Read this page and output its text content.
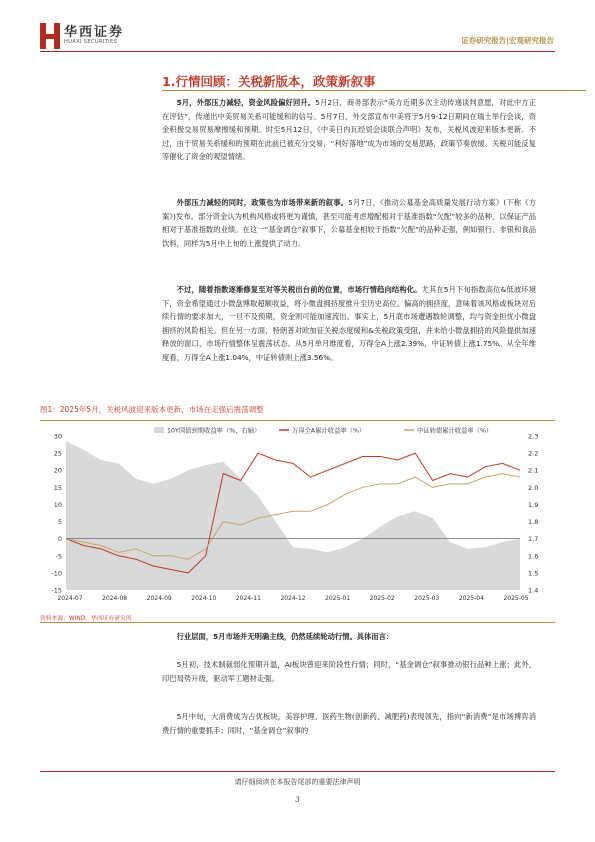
华西证券
HUAXI SECURITIES	证券研究报告|宏观研究报告
1.行情回顾：关税新版本，政策新叙事

5月，外部压力减轻，资金风险偏好回升。5月2日，商务部表示“美方近期多次主动传递谈判意愿，对此中方正在评估”，传递出中美贸易关系可能缓和的信号。5月7日，外交部宣布中美将于5月9-12日期间在瑞士举行会谈，资金积极交易贸易摩擦缓和预期。时至5月12日，《中美日内瓦经贸会谈联合声明》发布，关税风波迎来版本更新。不过，由于贸易关系缓和的预期在此前已被充分交易，“利好落地”成为市场的交易思路，政策节奏放缓、关税可能反复等催化了资金的观望情绪。

外部压力减轻的同时，政策也为市场带来新的叙事。5月7日，《推动公募基金高质量发展行动方案》(下称《方案》)发布。部分资金认为机构风格或将更为谨慎，甚至可能考虑增配相对于基准指数“欠配”较多的品种，以保证产品相对于基准指数的业绩。在这一“基金调仓”叙事下，公募基金相较于指数“欠配”的品种走强，例如银行、非银和食品饮料，同样为5月中上旬的上涨提供了动力。

不过，随着指数逐渐修复至对等关税出台前的位置，市场行情趋向结构化。尤其在5月下旬指数高位&低波环境下，资金希望通过小微盘博取超额收益，将小微盘拥挤度推升至历史高位。偏高的拥挤度，意味着该风格或板块对后续行情的要求加大，一旦不及预期，资金则可能加速流出。事实上，5月底市场遭遇数轮调整，均与资金担忧小微盘拥挤的风险相关。但在另一方面，特朗普对欧加征关税态度缓和&关税政策受阻，并未给小微盘拥挤的风险提供加速释放的窗口，市场行情整体呈震荡状态。从5月单月维度看，万得全A上涨2.39%，中证转债上涨1.75%。从全年维度看，万得全A上涨1.04%，中证转债则上涨3.56%。

图1：2025年5月，关税风波迎来版本更新，市场在走强后震荡调整
30
25
20
15
10
5
0
-5
-10
-15
2.3
2.2
2.1
2.0
1.9
1.8
1.7
1.6
1.5
1.4
2024-07	2024-08	2024-09	2024-10	2024-11	2024-12	2025-01	2025-02	2025-03	2025-04	2025-05
10Y国债到期收益率（%，右轴）	万得全A累计收益率（%）	中证转债累计收益率（%）
资料来源：WIND，华西证券研究所

行业层面，5月市场并无明确主线，仍然延续轮动行情。具体而言：

5月初，技术制裁弱化预期升温，AI板块曾迎来阶段性行情；同时，“基金调仓”叙事推动银行品种上涨；此外，印巴局势升级，驱动军工题材走强。

5月中旬，大消费成为占优板块，美容护理、医药生物(创新药、减肥药)表现领先，指向“新消费”是市场博弈消费行情的重要抓手；同时，“基金调仓”叙事的

请仔细阅读在本报告尾部的重要法律声明
3
